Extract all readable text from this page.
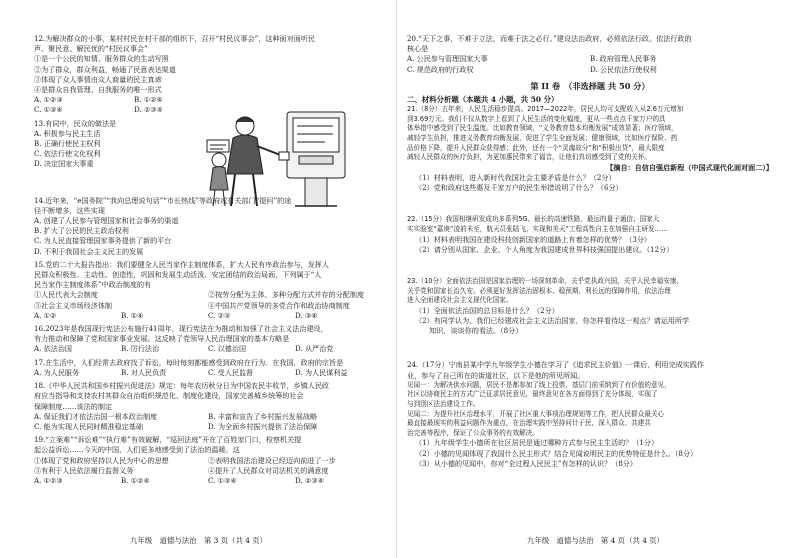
12.为解决群众的小事，某村村民在村干部的组织下，召开“村民议事会”，这种面对面听民
声、聚民意、解民忧的“村民议事会”
①是一个公民的知情、服务群众的生动写照
②为了群众，群众利益，畅通了民意表达渠道
③体现了众人事情由众人商量的民主真谛
④是群众自我管理、自我服务的唯一形式
A. ①②③	B. ①②④
C. ①③④	D. ②③④
13.有同中，民众的做法是
A. 积极参与民主生活
B. 正确行使民主权利
C. 依法行使文化权利
D. 决定国家大事重
14.近年来，“e国务院”“我向总理说句话”“市长热线”等政府或有关部门“提问”的途
径不断增多，这些实现
A. 创建了人民参与管理国家和社会事务的渠道
B. 扩大了公民的民主政治权利
C. 为人民直接管理国家事务提供了新的平台
D. 不利于我国社会主义民主的发展
15.党的二十大报告指出：我们要健全人民当家作主制度体系，扩大人民有序政治参与，发挥人
民群众积极性、主动性、创造性，巩固和发展生动活泼、安定团结的政治局面，下列属于“人
民当家作主制度体系”中政治制度的有
①人民代表大会制度	②按劳分配为主体，多种分配方式并存的分配制度
③社会主义市场经济体制	④中国共产党领导的多党合作和政治协商制度
A. ①②	B. ①④	C. ②③	D. ③④
16.2023年是我国现行宪法公布施行41周年，现行宪法在为推动和加强了社会主义法治建设，
有力推动和保障了党和国家事业发展。这反映了党领导人民治理国家的基本方略是
A. 依法治国	B. 厉行法治	C. 以德治国	D. 从严治党
17.在生活中，人们经常去政府找了诉讼，每时每刻都能感受到政府在行为。在我国，政府的宗旨是
A. 为人民服务	B. 对人民负责	C. 受人民监督	D. 为人民谋利益
18.《中华人民共和国乡村振兴促进法》规定：每年农历秋分日为中国农民丰收节，乡镇人民政
府应当指导和支持农村其群众自治组织规范化、制度化建设，国家完善城乡统筹的社会
保障制度……该法的制定
A. 保证我们才依法治国一根本政治制度	B. 丰富和宣告了乡村振兴发展战略
C. 能为实现人民同时精准稳定基础	D. 为全面乡村振兴提供了法治保障
19.“立案难”“诉讼难”“执行难”有效破解，“巡回法庭”开在了百姓家门口，检察机关提
起公益诉讼……今天的中国，人们更多地感受到了法治的温暖。这
①体现了党和政府坚持以人民为中心的思想	②表明我国法治建设已经迈向前进了一步
③有利于人民依法履行监督义务	④提升了人民群众对司法机关的满意度
A. ①②③	B. ①②④	C. ①③④	D. ②③④
九年级　道德与法治　第 3 页（共 4 页）
20.“天下之事，不难于立法，而难于法之必行。”建设法治政府，必须依法行政。依法行政的
核心是
A. 公民参与管理国家大事	B. 政府管理人民事务
C. 规范政府的行政权	D. 公民依法行使权利
第 II 卷　（非选择题 共 50 分）
二、材料分析题（本题共 4 小题，共 50 分）
21.（8分）五年来，人民生活稳步提高。2017—2022年，居民人均可支配收入从2.6万元增加
到3.69万元。我们不仅从数字上看到了人民生活的变化幅度，更从一些点点千家万户的具
体举措中感受到了民生温度。比如教育领域，“义务教育基本均衡发展”成效显著；医疗领域，
减轻学生负担，推进义务教育均衡发展，促进了学生全面发展；健康领域，比如医疗保险、药
品价格下降，提升人民群众获得感；此外，还有一个“灵魂故分”和“积极出贷”，最大限度
减轻人民群众的医疗负担，为更加惠民带来了福音，让他们真切感受到了党的关怀。
【摘自：自信自强启新程（中国式现代化面对面二）】
（1）材料表明，进入新时代我国社会主要矛盾是什么？（2分）
（2）党和政府这些惠及千家万户的民生举措说明了什么？（6分）
22.（15分）我国相继研发成功多系列5G、最长的高速铁路、最远的量子通信；国家大
实实验室“嘉庚”凌前未至，航天员张陆飞、实现和美天”工程高性自主在加强自主研发……
（1）材料表明我国在建设科技创新国家的道路上有着怎样的优势？（3分）
（2）请分别从国家、企业、个人角度为我国建成世界科技强国提出建议。（12分）
23.（10分）全面依法治国是国家治理的一场深刻革命，关乎党执政兴国，关乎人民幸福安康，
关乎党和国家长治久安。必须更好发挥法治固根本、稳预期、利长远的保障作用，依法治理
进入全面建设社会主义现代化国家。
（1）全面依法治国的总目标是什么？（2分）
（2）有同学认为，我们已经建成社会主义法治国家，你怎样看待这一观点？请运用所学
　　知识，谈谈你的看法。（8分）
24.（17分）宁南县某中学九年级学生小德在学习了《追求民主价值》一课后，利用完成实践作
业，参与了自己所在的街道社区，以下是他的所见所闻。
见闻一：为解决供水问题，居民不是都参加了线上投票，基层门前采纳到了有价值的意见，
社区以协商民主的方式广泛征求居民意见，最终意见在各方面得到了充分体现，实现了
与到别区法治建设工作。
见闻二：为提升社区治理水平，开展了社区重大事项治理规划等工作，把人民群众最关心
最直接最现实的利益问题作为重点，在治理实践中坚持问计于民，深入群众、共建共
治完善等程序，保证了公众事务的有效解决。
（1）九年级学生小德所在社区居民是通过哪种方式参与民主生活的？（1分）
（2）小德的见闻体现了我国什么民主形式？结合见闻说明民主的优势特征是什么。（8分）
（3）从小德的见闻中，你对“全过程人民民主”有怎样的认识？（8分）
九年级　道德与法治　第 4 页（共 4 页）
